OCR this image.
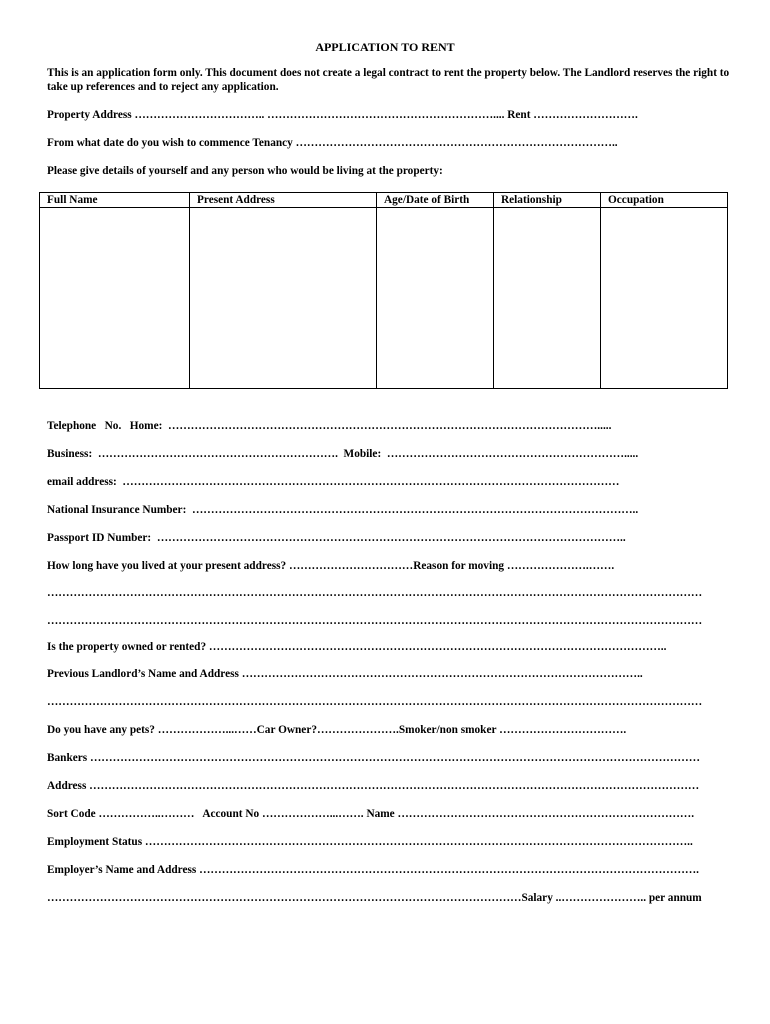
APPLICATION TO RENT
This is an application form only. This document does not create a legal contract to rent the property below. The Landlord reserves the right to take up references and to reject any application.
Property Address …………………………….. …………………………………………………….... Rent ……………………….
From what date do you wish to commence Tenancy …………………………………………………………………………..
Please give details of yourself and any person who would be living at the property:
Full Name	Present Address	Age/Date of Birth	Relationship	Occupation

Telephone   No.   Home:  …………………………………………………………………………………………………….....
Business:  ……………………………………………………….  Mobile:  ……………………………………………………….....
email address:  ……………………………………………………………………………………………………………………
National Insurance Number:  ………………………………………………………………………………………………………..
Passport ID Number:  ……………………………………………………………………………………………………………..
How long have you lived at your present address? ……………………………Reason for moving ………………….…….
…………………………………………………………………………………………………………………………………………………………
…………………………………………………………………………………………………………………………………………………………
Is the property owned or rented? …………………………………………………………………………………………………………..
Previous Landlord’s Name and Address ……………………………………………………………………………………………..
…………………………………………………………………………………………………………………………………………………………
Do you have any pets? ………………...……Car Owner?………………….Smoker/non smoker …………………………….
Bankers ………………………………………………………………………………………………………………………………………………
Address ………………………………………………………………………………………………………………………………………………
Sort Code ……………..………   Account No ………………...……. Name …………………………………………………………………….
Employment Status ………………………………………………………………………………………………………………………………..
Employer’s Name and Address …………………………………………………………………………………………………………………….
………………………………………………………………………………………………………………Salary ..………………….. per annum
